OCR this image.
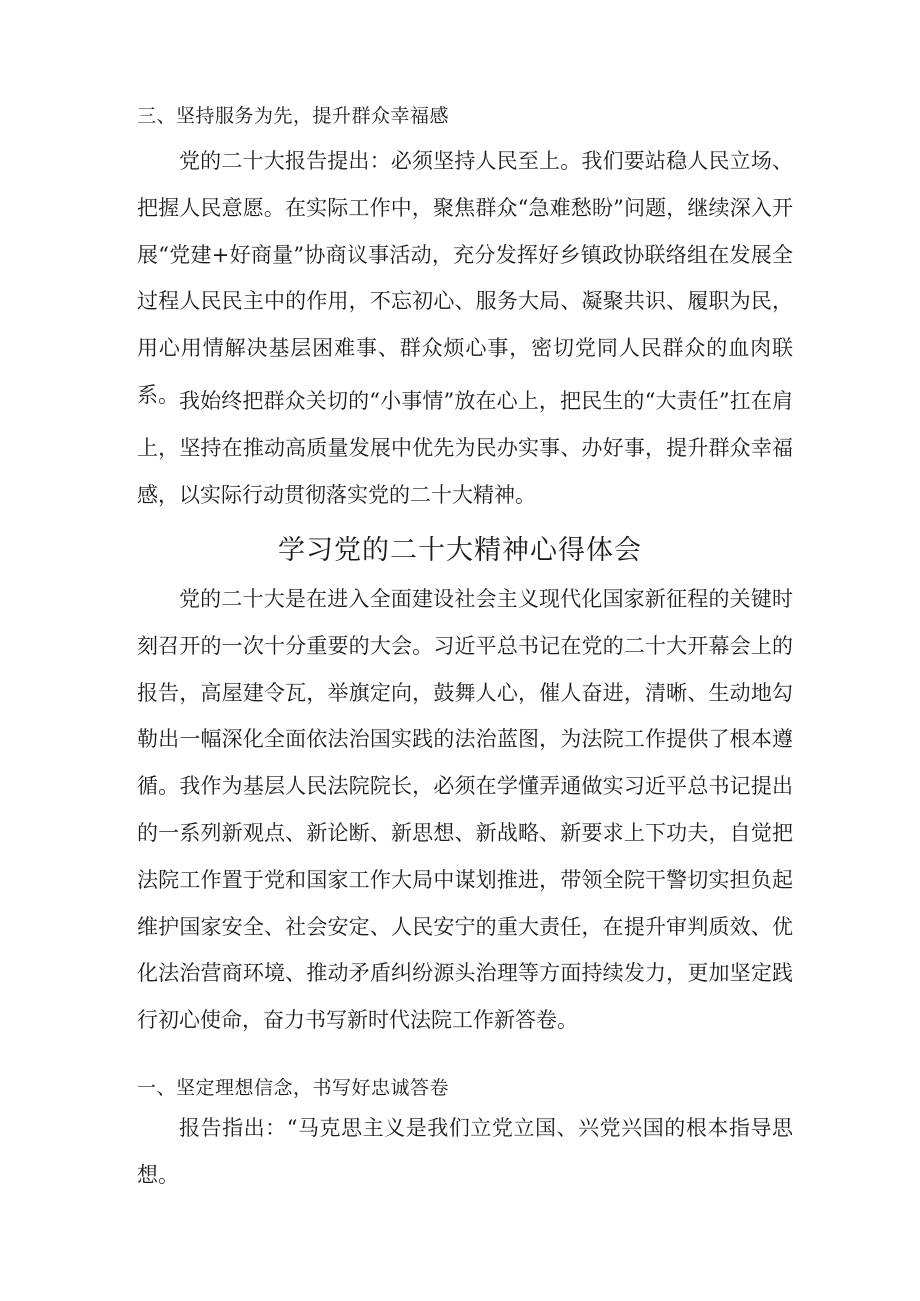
三、坚持服务为先，提升群众幸福感

党的二十大报告提出：必须坚持人民至上。我们要站稳人民立场、把握人民意愿。在实际工作中，聚焦群众“急难愁盼”问题，继续深入开展“党建+好商量”协商议事活动，充分发挥好乡镇政协联络组在发展全过程人民民主中的作用，不忘初心、服务大局、凝聚共识、履职为民，用心用情解决基层困难事、群众烦心事，密切党同人民群众的血肉联系。 我始终把群众关切的“小事情”放在心上，把民生的“大责任”扛在肩上，坚持在推动高质量发展中优先为民办实事、办好事，提升群众幸福感，以实际行动贯彻落实党的二十大精神。

学习党的二十大精神心得体会

党的二十大是在进入全面建设社会主义现代化国家新征程的关键时刻召开的一次十分重要的大会。习近平总书记在党的二十大开幕会上的报告，高屋建令瓦，举旗定向，鼓舞人心，催人奋进，清晰、生动地勾勒出一幅深化全面依法治国实践的法治蓝图，为法院工作提供了根本遵循。我作为基层人民法院院长，必须在学懂弄通做实习近平总书记提出的一系列新观点、新论断、新思想、新战略、新要求上下功夫，自觉把法院工作置于党和国家工作大局中谋划推进，带领全院干警切实担负起维护国家安全、社会安定、人民安宁的重大责任，在提升审判质效、优化法治营商环境、推动矛盾纠纷源头治理等方面持续发力，更加坚定践行初心使命，奋力书写新时代法院工作新答卷。

一、坚定理想信念，书写好忠诚答卷

报告指出：“马克思主义是我们立党立国、兴党兴国的根本指导思想。
